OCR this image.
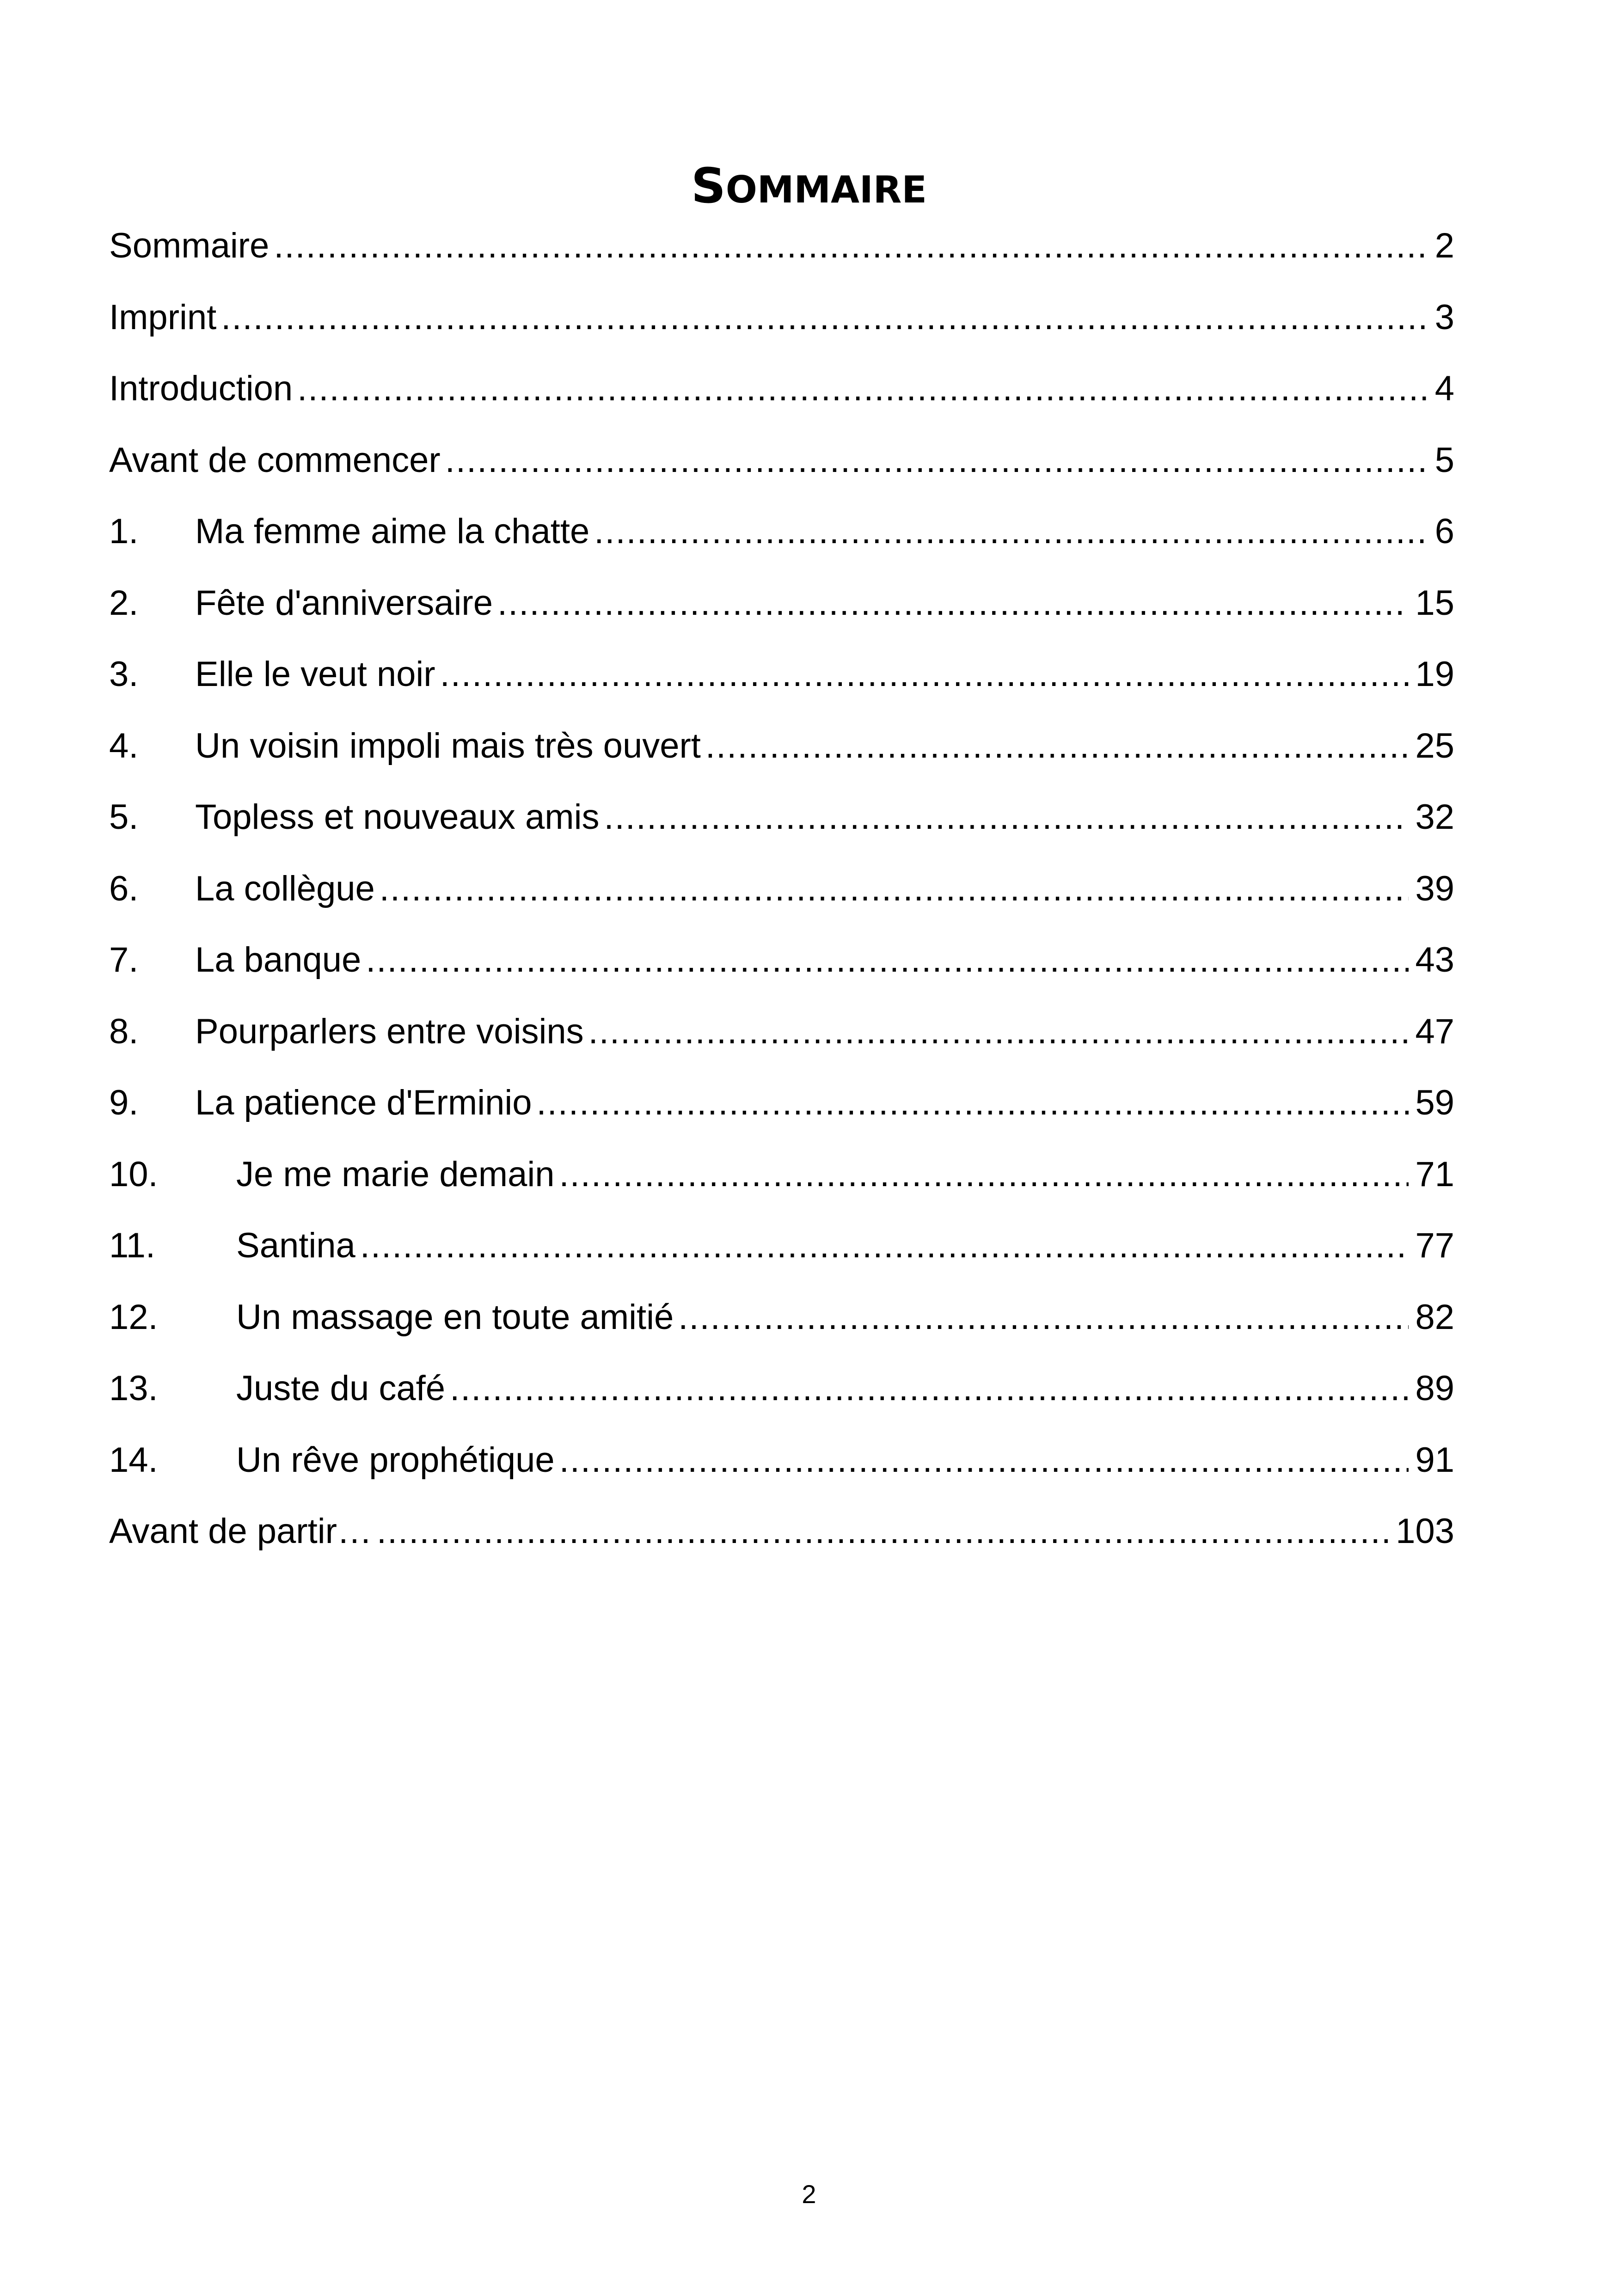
SOMMAIRE
Sommaire .....	2
Imprint .....	3
Introduction .....	4
Avant de commencer .....	5
1.	Ma femme aime la chatte .....	6
2.	Fête d'anniversaire .....	15
3.	Elle le veut noir .....	19
4.	Un voisin impoli mais très ouvert .....	25
5.	Topless et nouveaux amis .....	32
6.	La collègue .....	39
7.	La banque .....	43
8.	Pourparlers entre voisins .....	47
9.	La patience d'Erminio .....	59
10.	Je me marie demain .....	71
11.	Santina .....	77
12.	Un massage en toute amitié .....	82
13.	Juste du café .....	89
14.	Un rêve prophétique .....	91
Avant de partir… .....	103
2
